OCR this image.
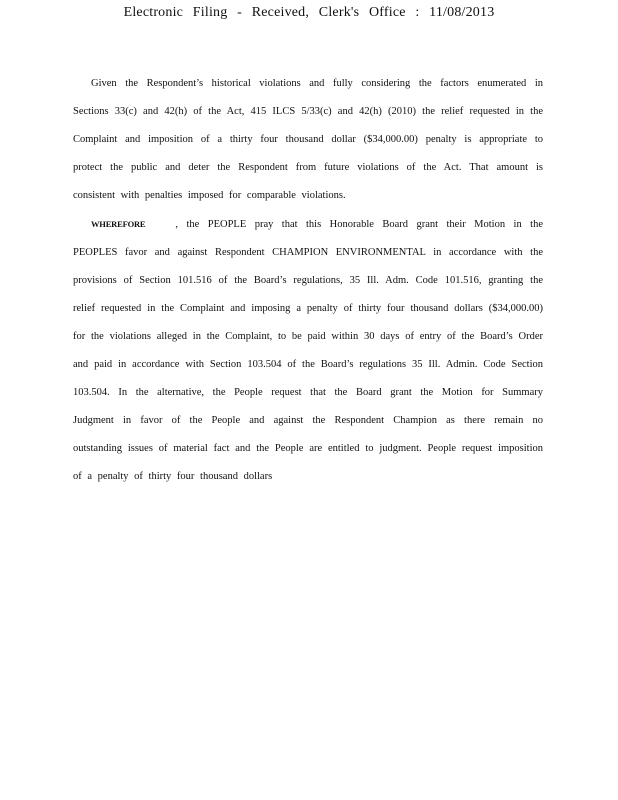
Electronic Filing - Received, Clerk's Office : 11/08/2013

Given the Respondent’s historical violations and fully considering the factors enumerated in Sections 33(c) and 42(h) of the Act, 415 ILCS 5/33(c) and 42(h) (2010) the relief requested in the Complaint and imposition of a thirty four thousand dollar ($34,000.00) penalty is appropriate to protect the public and deter the Respondent from future violations of the Act. That amount is consistent with penalties imposed for comparable violations.

WHEREFORE	, the PEOPLE pray that this Honorable Board grant their Motion in the PEOPLES favor and against Respondent CHAMPION ENVIRONMENTAL in accordance with the provisions of Section 101.516 of the Board’s regulations, 35 Ill. Adm. Code 101.516, granting the relief requested in the Complaint and imposing a penalty of thirty four thousand dollars ($34,000.00) for the violations alleged in the Complaint, to be paid within 30 days of entry of the Board’s Order and paid in accordance with Section 103.504 of the Board’s regulations 35 Ill. Admin. Code Section 103.504. In the alternative, the People request that the Board grant the Motion for Summary Judgment in favor of the People and against the Respondent Champion as there remain no outstanding issues of material fact and the People are entitled to judgment. People request imposition of a penalty of thirty four thousand dollars
